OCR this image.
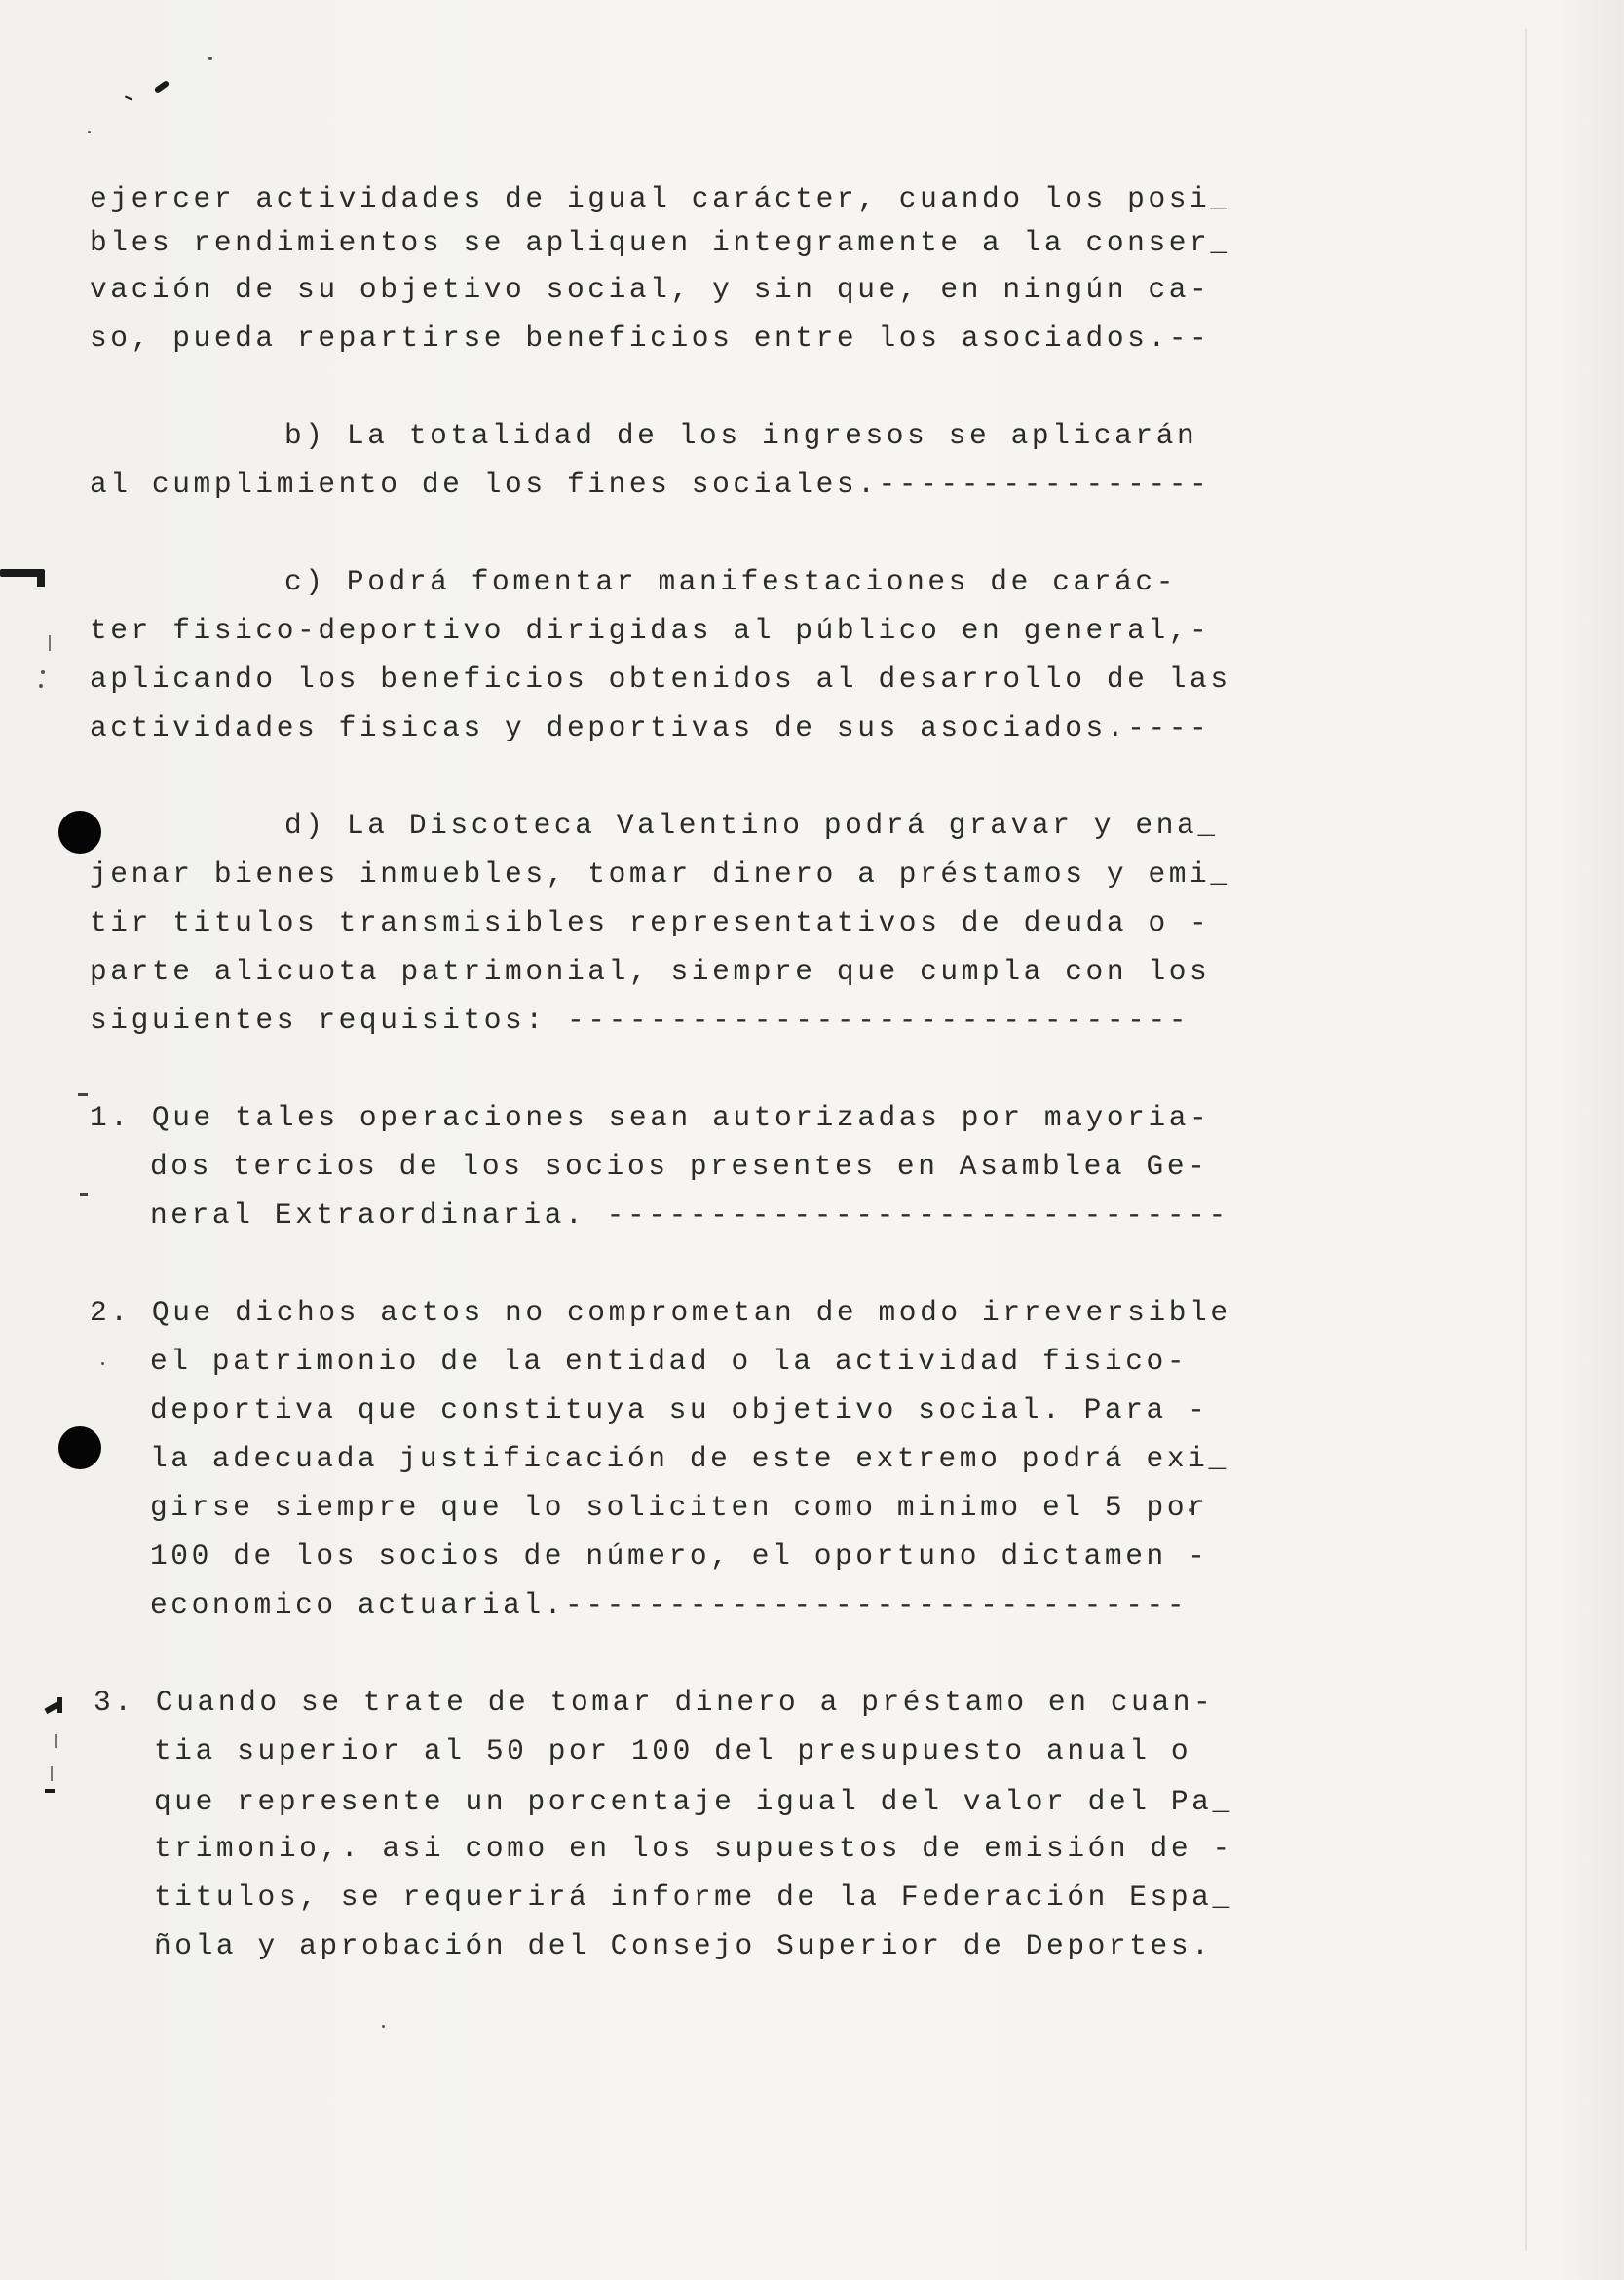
ejercer actividades de igual carácter, cuando los posi_
bles rendimientos se apliquen integramente a la conser_
vación de su objetivo social, y sin que, en ningún ca-
so, pueda repartirse beneficios entre los asociados.--
b) La totalidad de los ingresos se aplicarán
al cumplimiento de los fines sociales.----------------
c) Podrá fomentar manifestaciones de carác-
ter fisico-deportivo dirigidas al público en general,-
aplicando los beneficios obtenidos al desarrollo de las
actividades fisicas y deportivas de sus asociados.----
d) La Discoteca Valentino podrá gravar y ena_
jenar bienes inmuebles, tomar dinero a préstamos y emi_
tir titulos transmisibles representativos de deuda o -
parte alicuota patrimonial, siempre que cumpla con los
siguientes requisitos: ------------------------------
1. Que tales operaciones sean autorizadas por mayoria-
dos tercios de los socios presentes en Asamblea Ge-
neral Extraordinaria. ------------------------------
2. Que dichos actos no comprometan de modo irreversible
el patrimonio de la entidad o la actividad fisico-
deportiva que constituya su objetivo social. Para -
la adecuada justificación de este extremo podrá exi_
girse siempre que lo soliciten como minimo el 5 por
100 de los socios de número, el oportuno dictamen -
economico actuarial.------------------------------
3. Cuando se trate de tomar dinero a préstamo en cuan-
tia superior al 50 por 100 del presupuesto anual o
que represente un porcentaje igual del valor del Pa_
trimonio,. asi como en los supuestos de emisión de -
titulos, se requerirá informe de la Federación Espa_
ñola y aprobación del Consejo Superior de Deportes.
